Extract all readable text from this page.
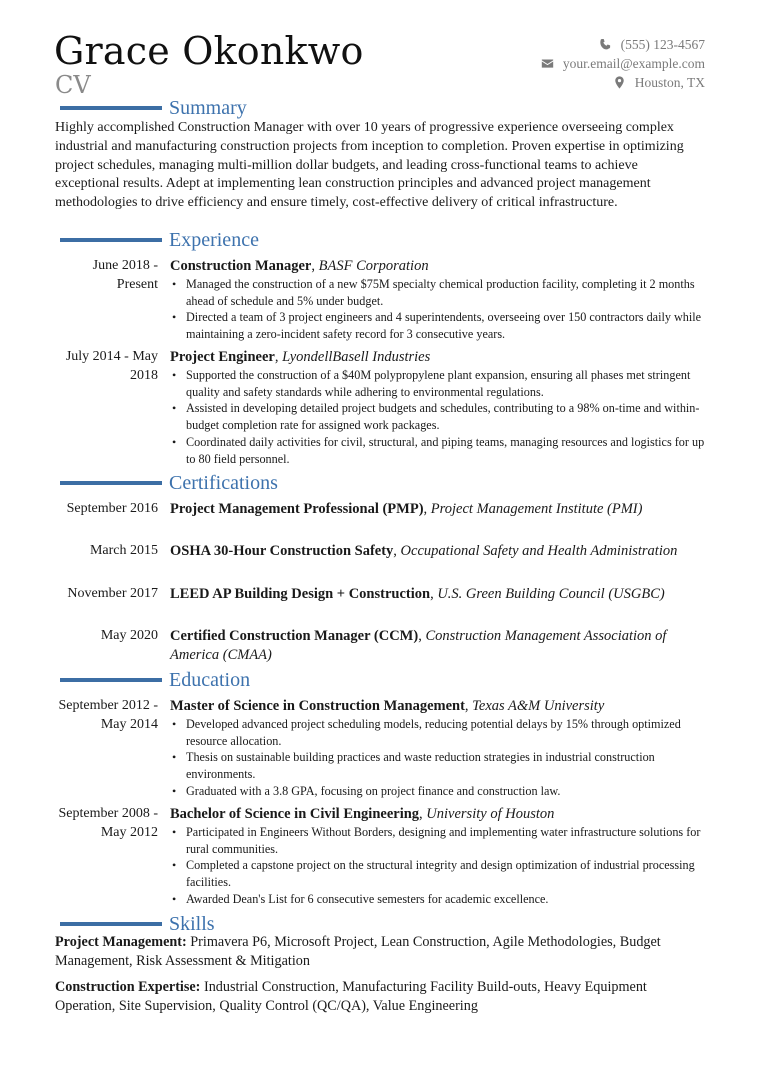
Grace Okonkwo
CV
(555) 123-4567
your.email@example.com
Houston, TX
Summary
Highly accomplished Construction Manager with over 10 years of progressive experience overseeing complex industrial and manufacturing construction projects from inception to completion. Proven expertise in optimizing project schedules, managing multi-million dollar budgets, and leading cross-functional teams to achieve exceptional results. Adept at implementing lean construction principles and advanced project management methodologies to drive efficiency and ensure timely, cost-effective delivery of critical infrastructure.
Experience
June 2018 - Present
Construction Manager, BASF Corporation
• Managed the construction of a new $75M specialty chemical production facility, completing it 2 months ahead of schedule and 5% under budget.
• Directed a team of 3 project engineers and 4 superintendents, overseeing over 150 contractors daily while maintaining a zero-incident safety record for 3 consecutive years.
July 2014 - May 2018
Project Engineer, LyondellBasell Industries
• Supported the construction of a $40M polypropylene plant expansion, ensuring all phases met stringent quality and safety standards while adhering to environmental regulations.
• Assisted in developing detailed project budgets and schedules, contributing to a 98% on-time and within-budget completion rate for assigned work packages.
• Coordinated daily activities for civil, structural, and piping teams, managing resources and logistics for up to 80 field personnel.
Certifications
September 2016 Project Management Professional (PMP), Project Management Institute (PMI)
March 2015 OSHA 30-Hour Construction Safety, Occupational Safety and Health Administration
November 2017 LEED AP Building Design + Construction, U.S. Green Building Council (USGBC)
May 2020 Certified Construction Manager (CCM), Construction Management Association of America (CMAA)
Education
September 2012 - May 2014
Master of Science in Construction Management, Texas A&M University
• Developed advanced project scheduling models, reducing potential delays by 15% through optimized resource allocation.
• Thesis on sustainable building practices and waste reduction strategies in industrial construction environments.
• Graduated with a 3.8 GPA, focusing on project finance and construction law.
September 2008 - May 2012
Bachelor of Science in Civil Engineering, University of Houston
• Participated in Engineers Without Borders, designing and implementing water infrastructure solutions for rural communities.
• Completed a capstone project on the structural integrity and design optimization of industrial processing facilities.
• Awarded Dean's List for 6 consecutive semesters for academic excellence.
Skills
Project Management: Primavera P6, Microsoft Project, Lean Construction, Agile Methodologies, Budget Management, Risk Assessment & Mitigation
Construction Expertise: Industrial Construction, Manufacturing Facility Build-outs, Heavy Equipment Operation, Site Supervision, Quality Control (QC/QA), Value Engineering
